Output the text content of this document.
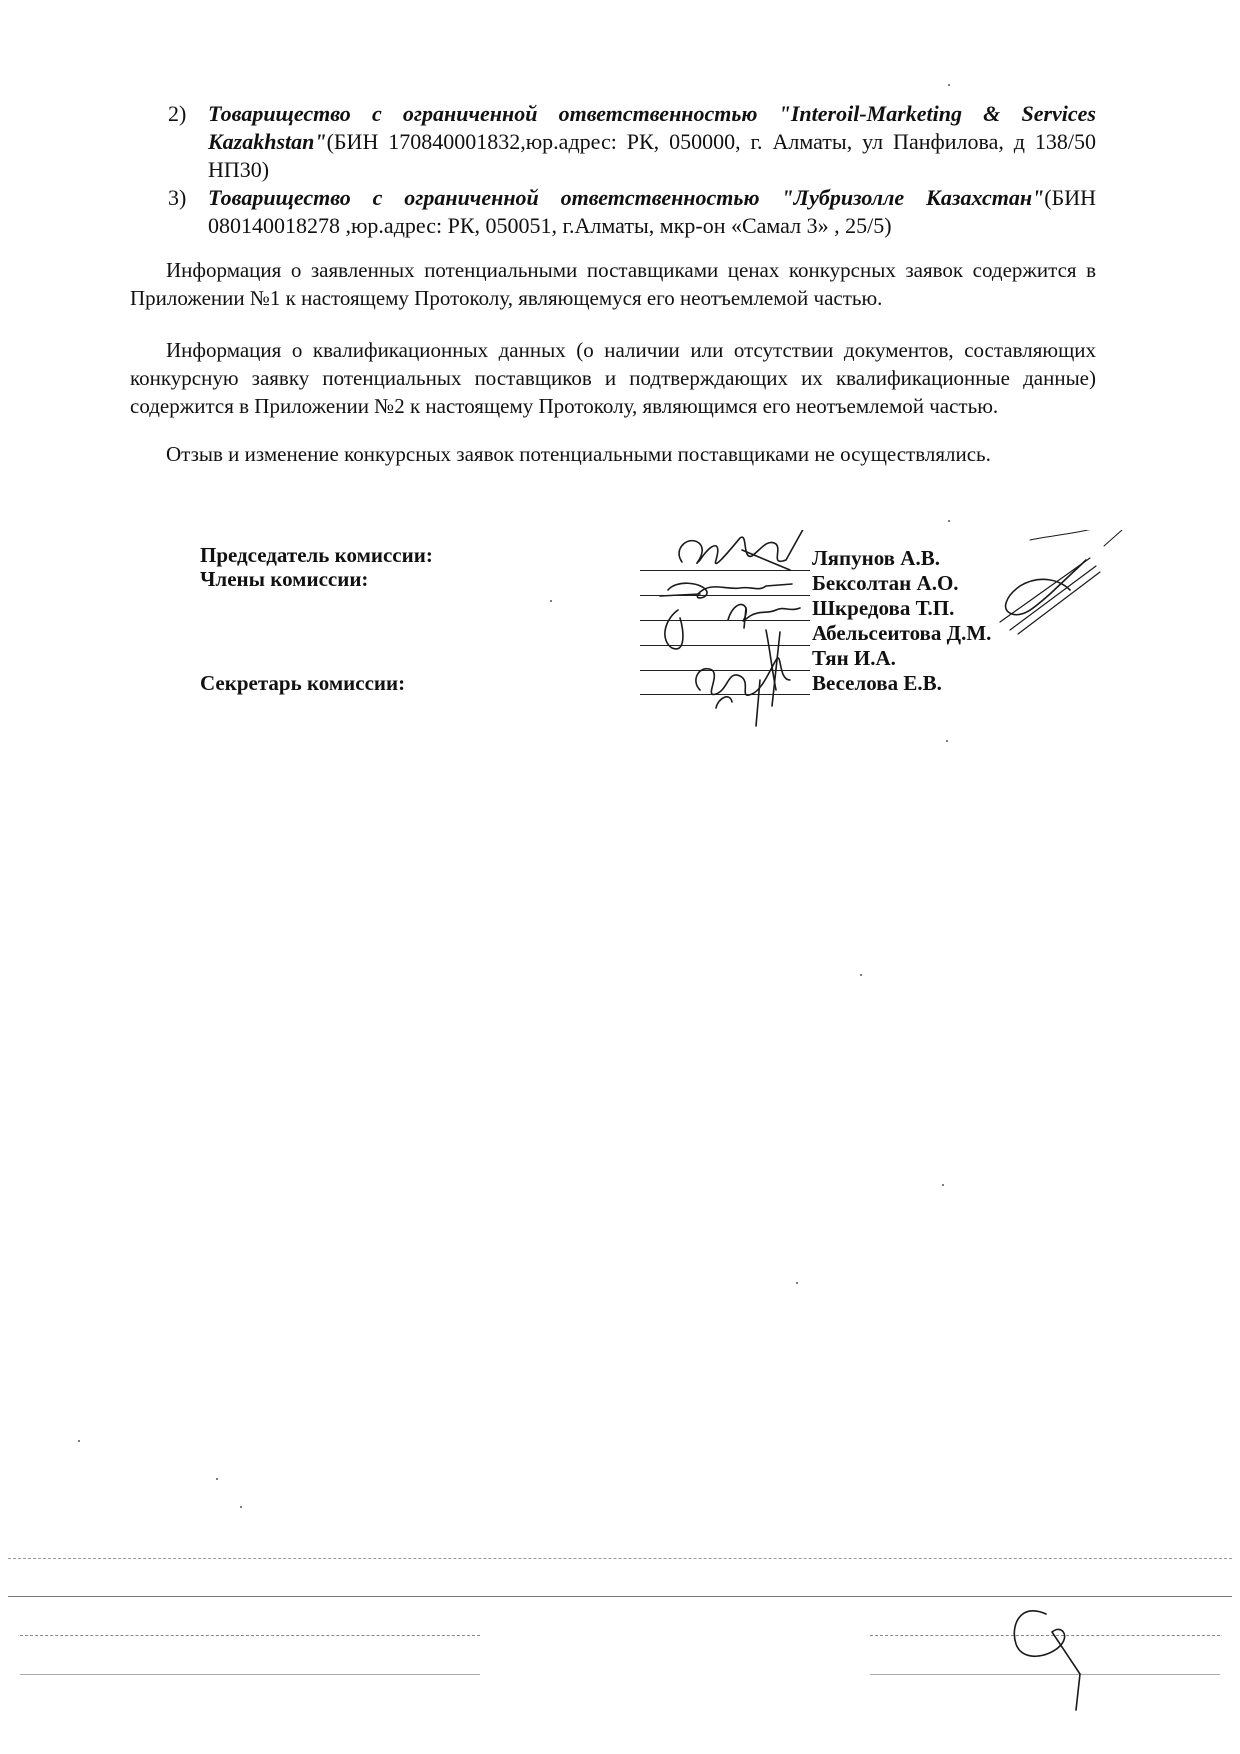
2) Товарищество с ограниченной ответственностью "Interoil-Marketing & Services Kazakhstan"(БИН 170840001832,юр.адрес: РК, 050000, г. Алматы, ул Панфилова, д 138/50 НП30)
3) Товарищество с ограниченной ответственностью "Лубризолле Казахстан"(БИН 080140018278 ,юр.адрес: РК, 050051, г.Алматы, мкр-он «Самал 3» , 25/5)

Информация о заявленных потенциальными поставщиками ценах конкурсных заявок содержится в Приложении №1 к настоящему Протоколу, являющемуся его неотъемлемой частью.

Информация о квалификационных данных (о наличии или отсутствии документов, составляющих конкурсную заявку потенциальных поставщиков и подтверждающих их квалификационные данные) содержится в Приложении №2 к настоящему Протоколу, являющимся его неотъемлемой частью.

Отзыв и изменение конкурсных заявок потенциальными поставщиками не осуществлялись.

Председатель комиссии:
Члены комиссии:
Секретарь комиссии:
Ляпунов А.В.
Бексолтан А.О.
Шкредова Т.П.
Абельсеитова Д.М.
Тян И.А.
Веселова Е.В.
